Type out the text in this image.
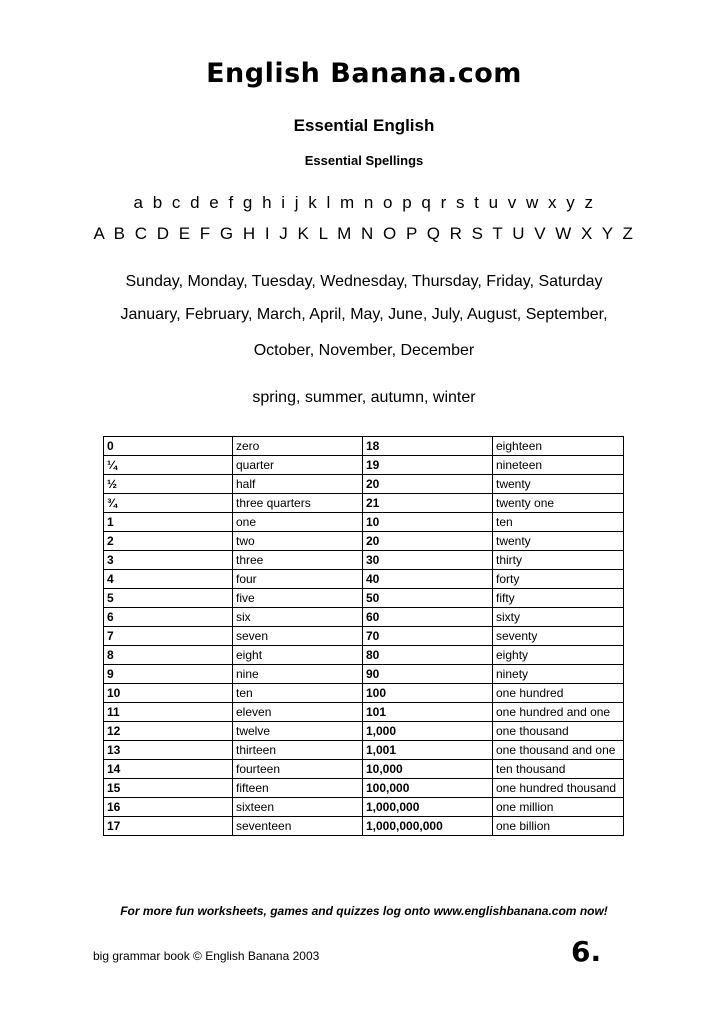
English Banana.com
Essential English
Essential Spellings
a b c d e f g h i j k l m n o p q r s t u v w x y z
A B C D E F G H I J K L M N O P Q R S T U V W X Y Z
Sunday, Monday, Tuesday, Wednesday, Thursday, Friday, Saturday
January, February, March, April, May, June, July, August, September,
October, November, December
spring, summer, autumn, winter
0	zero	18	eighteen
¼	quarter	19	nineteen
½	half	20	twenty
¾	three quarters	21	twenty one
1	one	10	ten
2	two	20	twenty
3	three	30	thirty
4	four	40	forty
5	five	50	fifty
6	six	60	sixty
7	seven	70	seventy
8	eight	80	eighty
9	nine	90	ninety
10	ten	100	one hundred
11	eleven	101	one hundred and one
12	twelve	1,000	one thousand
13	thirteen	1,001	one thousand and one
14	fourteen	10,000	ten thousand
15	fifteen	100,000	one hundred thousand
16	sixteen	1,000,000	one million
17	seventeen	1,000,000,000	one billion
For more fun worksheets, games and quizzes log onto www.englishbanana.com now!
big grammar book © English Banana 2003	6.
